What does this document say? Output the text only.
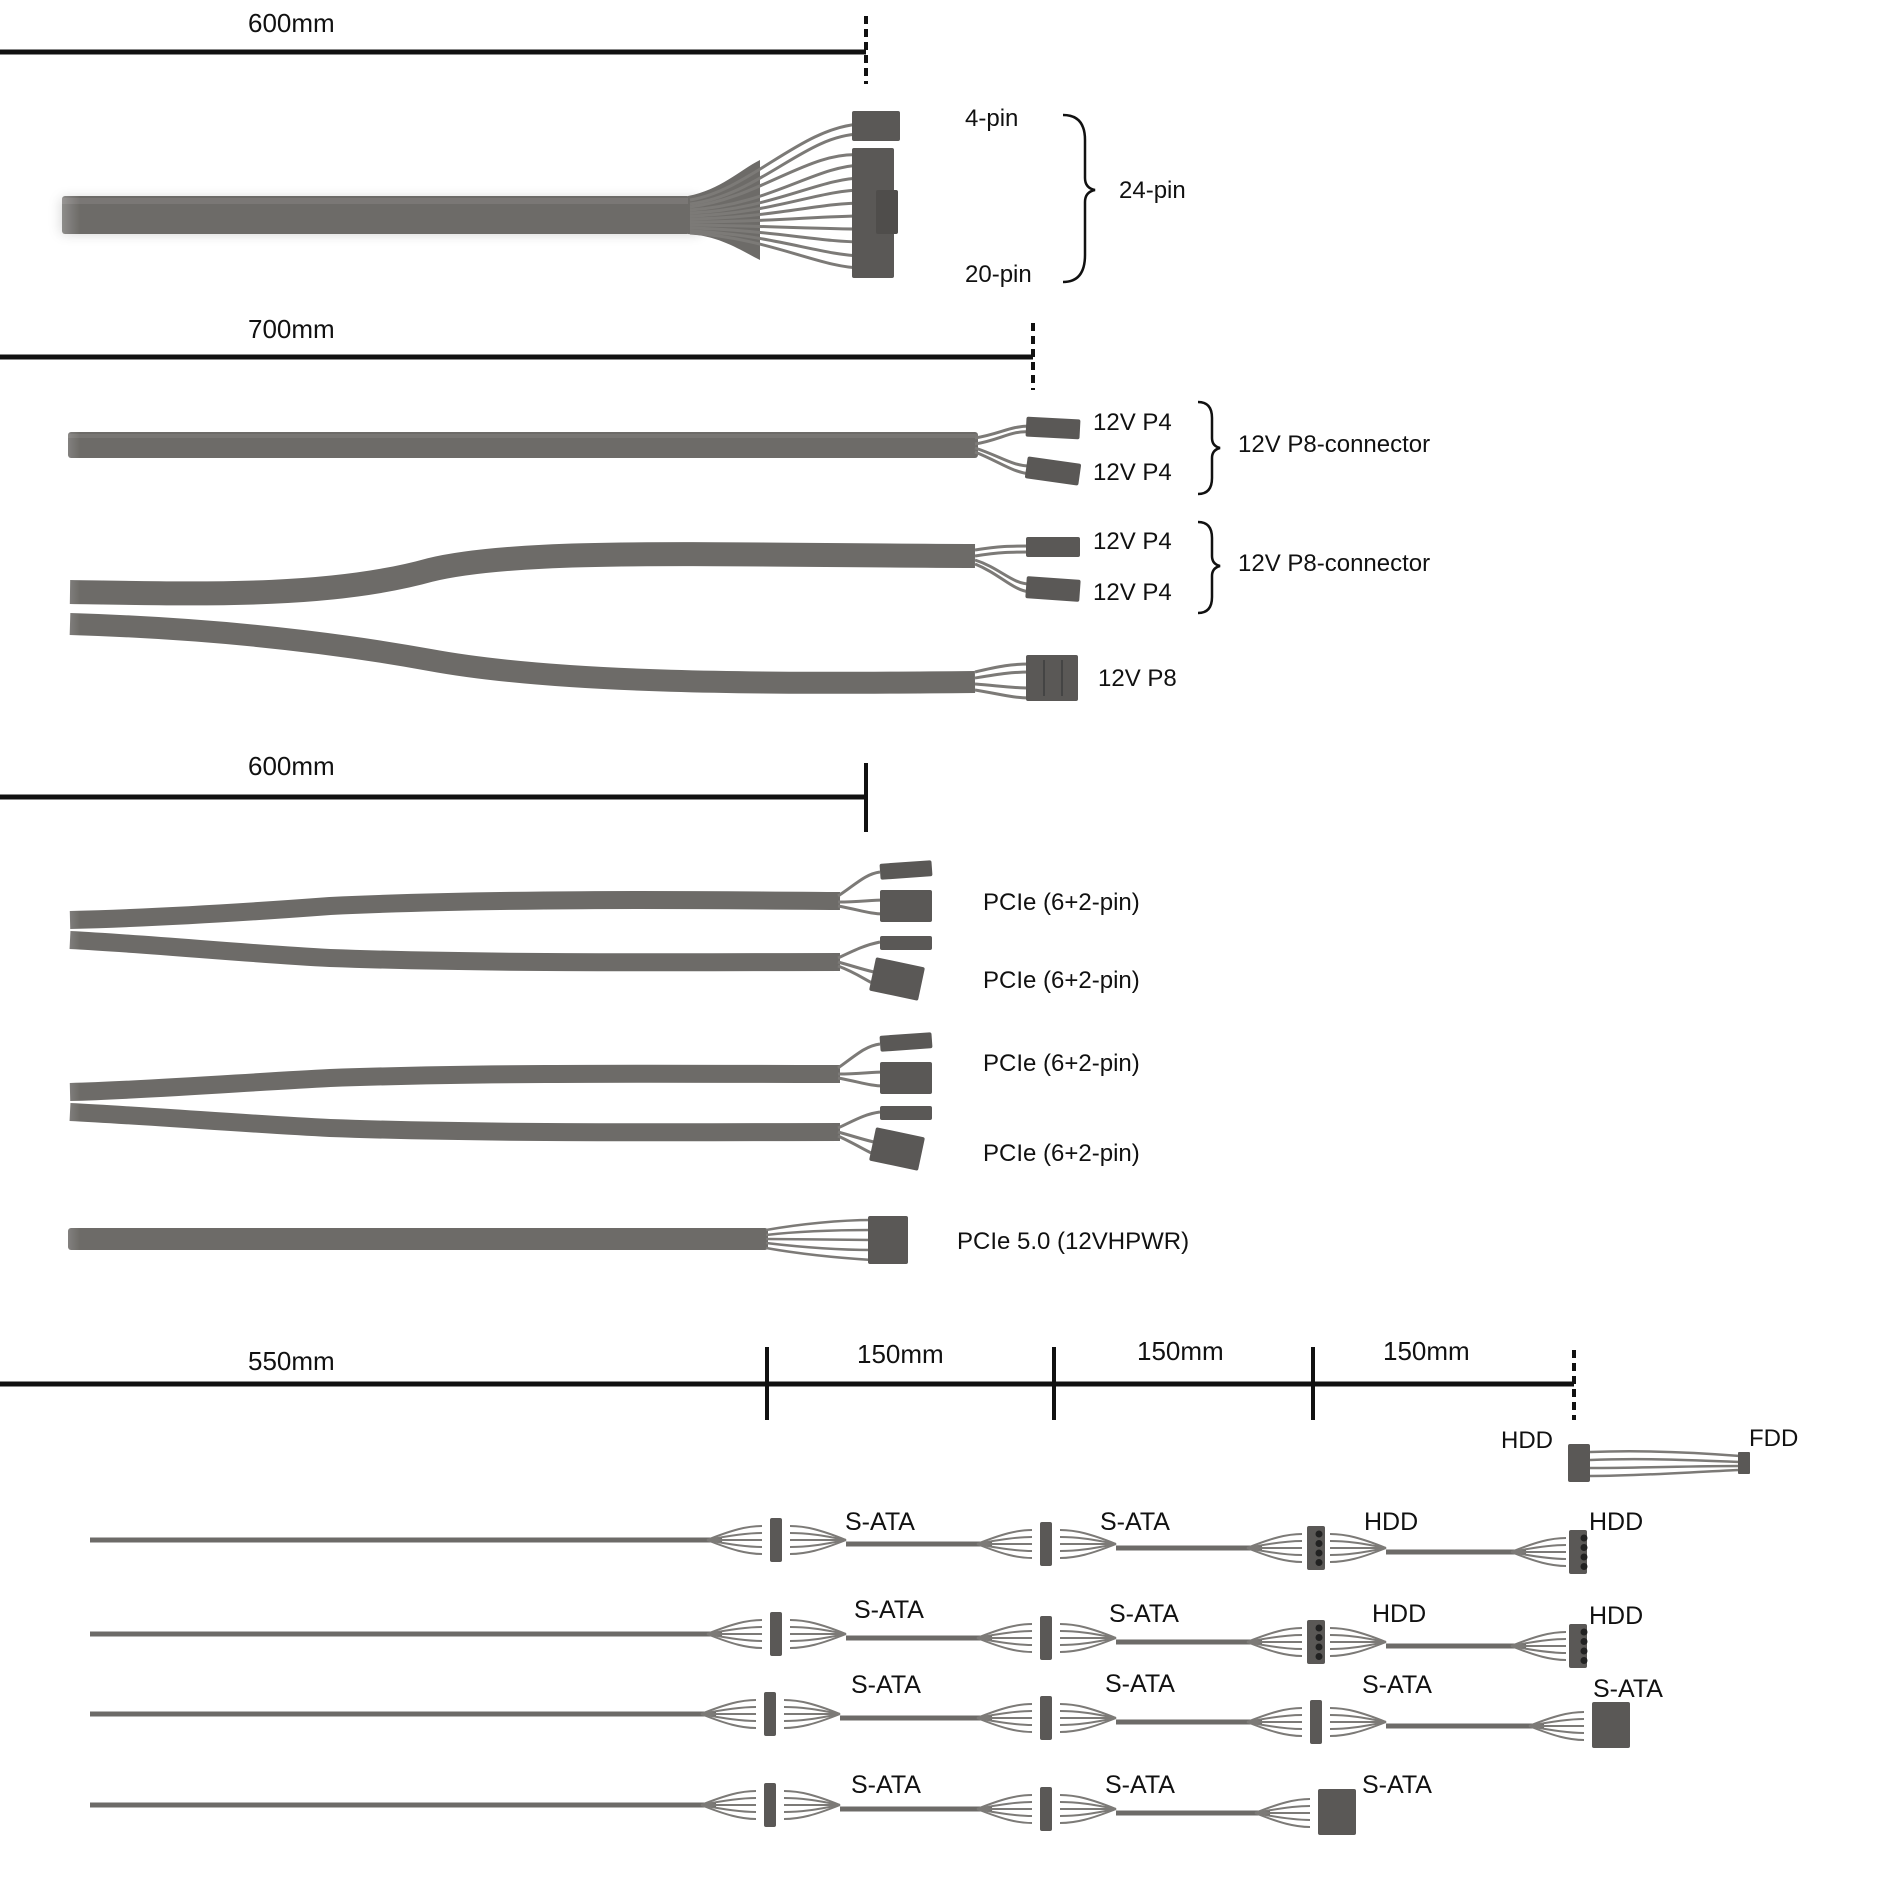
600mm
700mm
600mm
550mm	150mm	150mm	150mm
4-pin
20-pin
24-pin
12V P4
12V P4
12V P8-connector
12V P4
12V P4
12V P8-connector
12V P8
PCIe (6+2-pin)
PCIe (6+2-pin)
PCIe (6+2-pin)
PCIe (6+2-pin)
PCIe 5.0 (12VHPWR)
HDD	FDD
S-ATA	S-ATA	HDD	HDD
S-ATA	S-ATA	HDD	HDD
S-ATA	S-ATA	S-ATA	S-ATA
S-ATA	S-ATA	S-ATA
